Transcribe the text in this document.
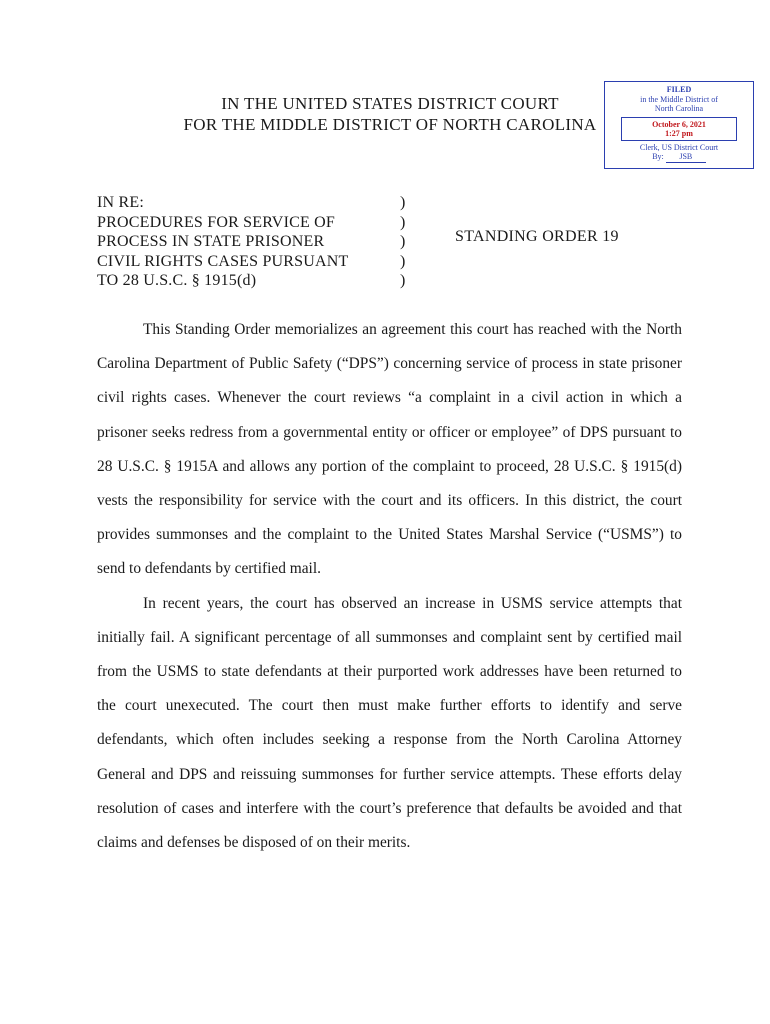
FILED
in the Middle District of
North Carolina
October 6, 2021
1:27 pm
Clerk, US District Court
By: JSB
IN THE UNITED STATES DISTRICT COURT
FOR THE MIDDLE DISTRICT OF NORTH CAROLINA
IN RE:
PROCEDURES FOR SERVICE OF
PROCESS IN STATE PRISONER
CIVIL RIGHTS CASES PURSUANT
TO 28 U.S.C. § 1915(d)
)
)
)
)
)
STANDING ORDER 19

This Standing Order memorializes an agreement this court has reached with the North Carolina Department of Public Safety (“DPS”) concerning service of process in state prisoner civil rights cases. Whenever the court reviews “a complaint in a civil action in which a prisoner seeks redress from a governmental entity or officer or employee” of DPS pursuant to 28 U.S.C. § 1915A and allows any portion of the complaint to proceed, 28 U.S.C. § 1915(d) vests the responsibility for service with the court and its officers. In this district, the court provides summonses and the complaint to the United States Marshal Service (“USMS”) to send to defendants by certified mail.

In recent years, the court has observed an increase in USMS service attempts that initially fail. A significant percentage of all summonses and complaint sent by certified mail from the USMS to state defendants at their purported work addresses have been returned to the court unexecuted. The court then must make further efforts to identify and serve defendants, which often includes seeking a response from the North Carolina Attorney General and DPS and reissuing summonses for further service attempts. These efforts delay resolution of cases and interfere with the court’s preference that defaults be avoided and that claims and defenses be disposed of on their merits.
